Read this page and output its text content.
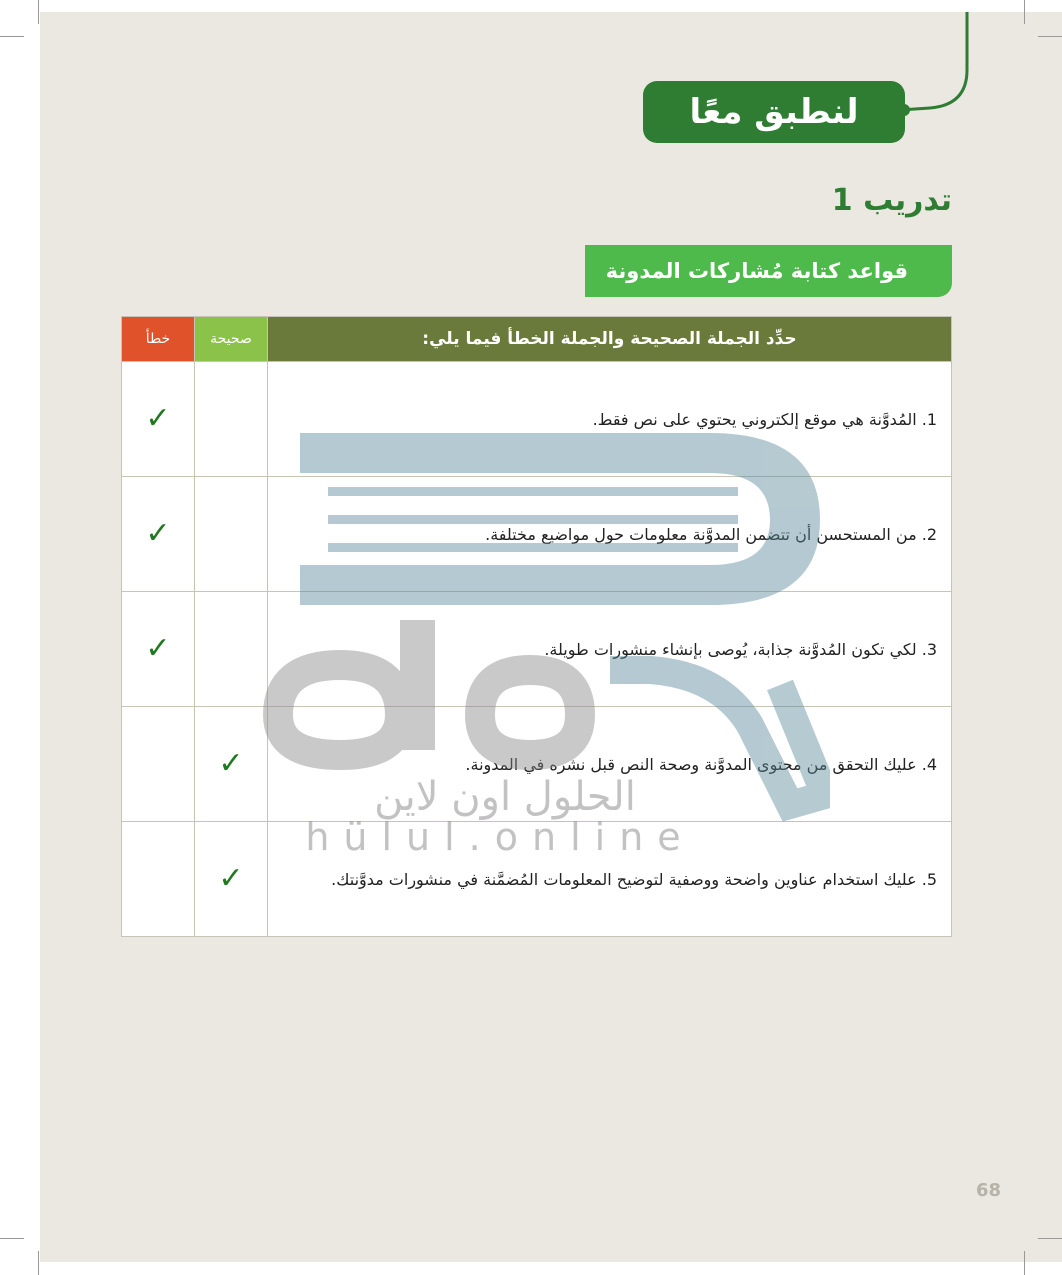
لنطبق معًا
تدريب 1
قواعد كتابة مُشاركات المدونة
حدِّد الجملة الصحيحة والجملة الخطأ فيما يلي:	صحيحة	خطأ
1. المُدوَّنة هي موقع إلكتروني يحتوي على نص فقط.		✓
2. من المستحسن أن تتضمن المدوَّنة معلومات حول مواضيع مختلفة.		✓
3. لكي تكون المُدوَّنة جذابة، يُوصى بإنشاء منشورات طويلة.		✓
4. عليك التحقق من محتوى المدوَّنة وصحة النص قبل نشره في المدونة.	✓	
5. عليك استخدام عناوين واضحة ووصفية لتوضيح المعلومات المُضمَّنة في منشورات مدوَّنتك.	✓	
الحلول اون لاين
hülul.online
68
